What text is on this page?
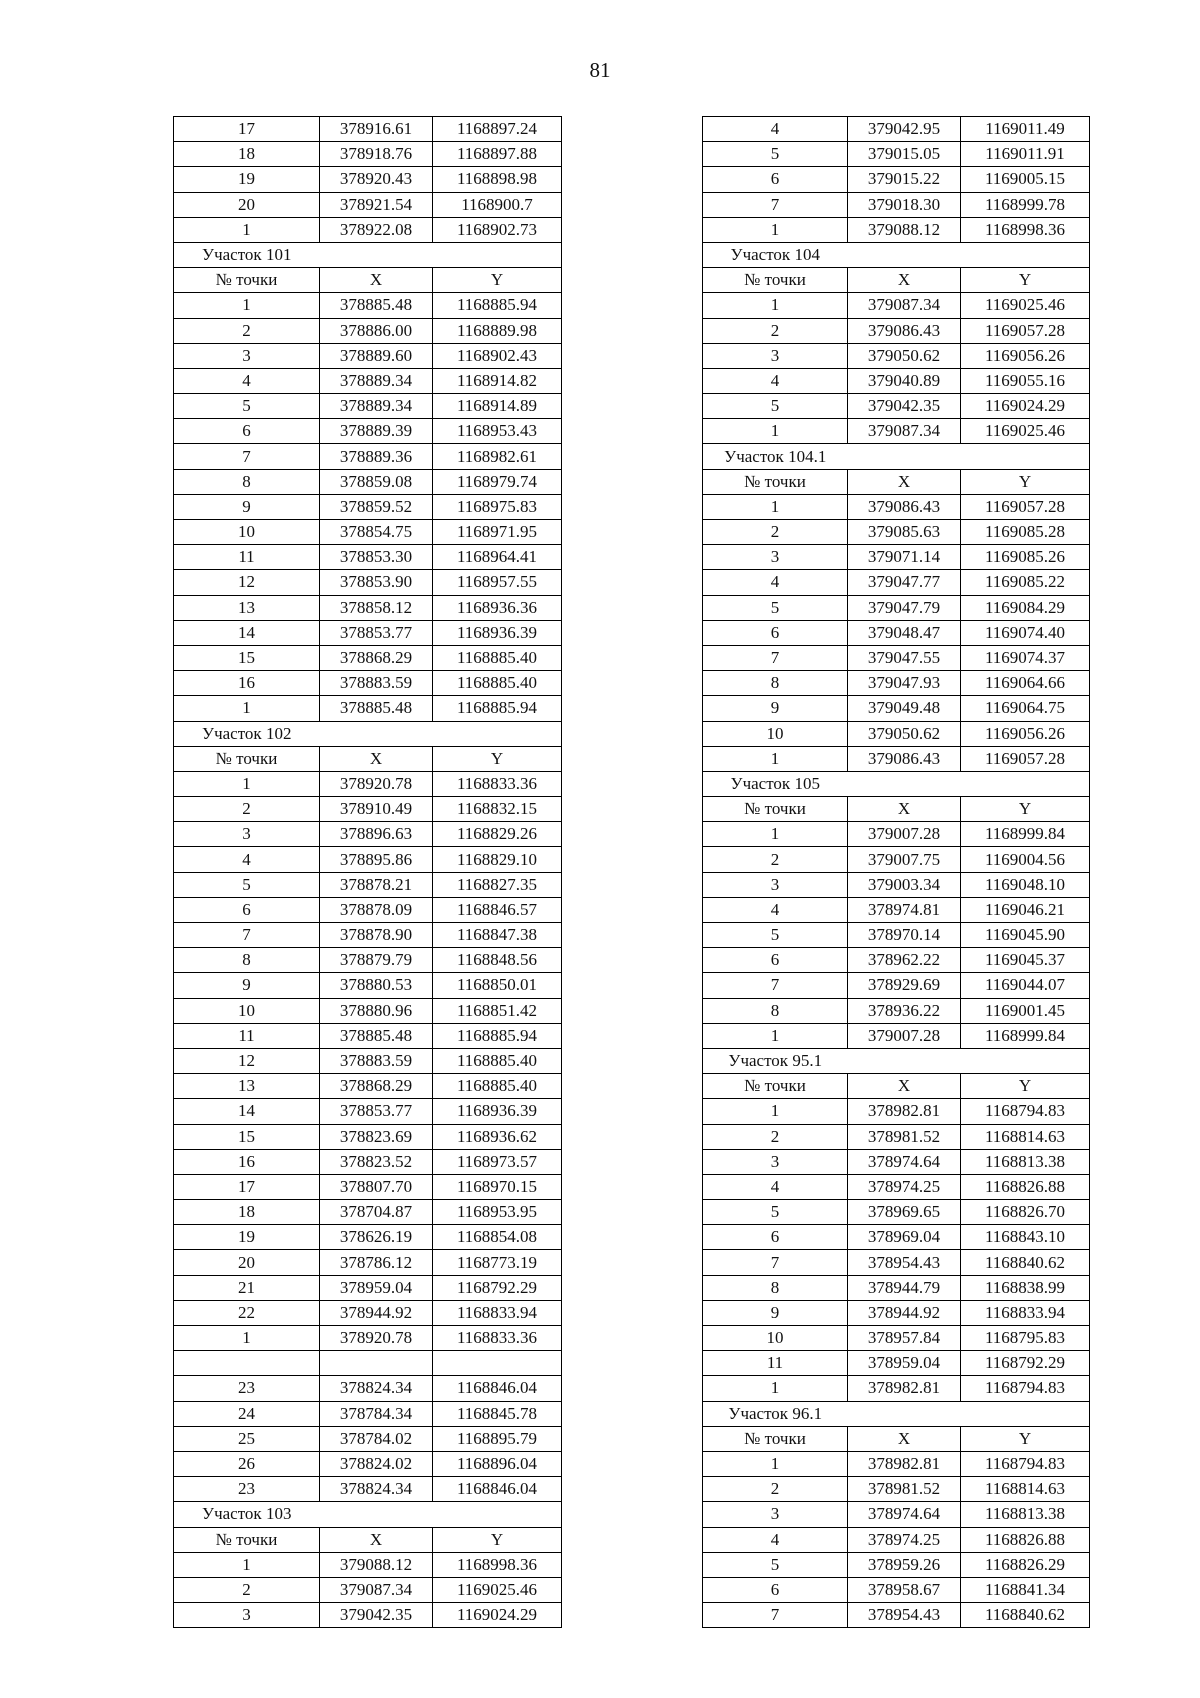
81
17	378916.61	1168897.24
18	378918.76	1168897.88
19	378920.43	1168898.98
20	378921.54	1168900.7
1	378922.08	1168902.73
Участок 101		
№ точки	X	Y
1	378885.48	1168885.94
2	378886.00	1168889.98
3	378889.60	1168902.43
4	378889.34	1168914.82
5	378889.34	1168914.89
6	378889.39	1168953.43
7	378889.36	1168982.61
8	378859.08	1168979.74
9	378859.52	1168975.83
10	378854.75	1168971.95
11	378853.30	1168964.41
12	378853.90	1168957.55
13	378858.12	1168936.36
14	378853.77	1168936.39
15	378868.29	1168885.40
16	378883.59	1168885.40
1	378885.48	1168885.94
Участок 102		
№ точки	X	Y
1	378920.78	1168833.36
2	378910.49	1168832.15
3	378896.63	1168829.26
4	378895.86	1168829.10
5	378878.21	1168827.35
6	378878.09	1168846.57
7	378878.90	1168847.38
8	378879.79	1168848.56
9	378880.53	1168850.01
10	378880.96	1168851.42
11	378885.48	1168885.94
12	378883.59	1168885.40
13	378868.29	1168885.40
14	378853.77	1168936.39
15	378823.69	1168936.62
16	378823.52	1168973.57
17	378807.70	1168970.15
18	378704.87	1168953.95
19	378626.19	1168854.08
20	378786.12	1168773.19
21	378959.04	1168792.29
22	378944.92	1168833.94
1	378920.78	1168833.36

23	378824.34	1168846.04
24	378784.34	1168845.78
25	378784.02	1168895.79
26	378824.02	1168896.04
23	378824.34	1168846.04
Участок 103		
№ точки	X	Y
1	379088.12	1168998.36
2	379087.34	1169025.46
3	379042.35	1169024.29
4	379042.95	1169011.49
5	379015.05	1169011.91
6	379015.22	1169005.15
7	379018.30	1168999.78
1	379088.12	1168998.36
Участок 104		
№ точки	X	Y
1	379087.34	1169025.46
2	379086.43	1169057.28
3	379050.62	1169056.26
4	379040.89	1169055.16
5	379042.35	1169024.29
1	379087.34	1169025.46
Участок 104.1		
№ точки	X	Y
1	379086.43	1169057.28
2	379085.63	1169085.28
3	379071.14	1169085.26
4	379047.77	1169085.22
5	379047.79	1169084.29
6	379048.47	1169074.40
7	379047.55	1169074.37
8	379047.93	1169064.66
9	379049.48	1169064.75
10	379050.62	1169056.26
1	379086.43	1169057.28
Участок 105		
№ точки	X	Y
1	379007.28	1168999.84
2	379007.75	1169004.56
3	379003.34	1169048.10
4	378974.81	1169046.21
5	378970.14	1169045.90
6	378962.22	1169045.37
7	378929.69	1169044.07
8	378936.22	1169001.45
1	379007.28	1168999.84
Участок 95.1		
№ точки	X	Y
1	378982.81	1168794.83
2	378981.52	1168814.63
3	378974.64	1168813.38
4	378974.25	1168826.88
5	378969.65	1168826.70
6	378969.04	1168843.10
7	378954.43	1168840.62
8	378944.79	1168838.99
9	378944.92	1168833.94
10	378957.84	1168795.83
11	378959.04	1168792.29
1	378982.81	1168794.83
Участок 96.1		
№ точки	X	Y
1	378982.81	1168794.83
2	378981.52	1168814.63
3	378974.64	1168813.38
4	378974.25	1168826.88
5	378959.26	1168826.29
6	378958.67	1168841.34
7	378954.43	1168840.62
